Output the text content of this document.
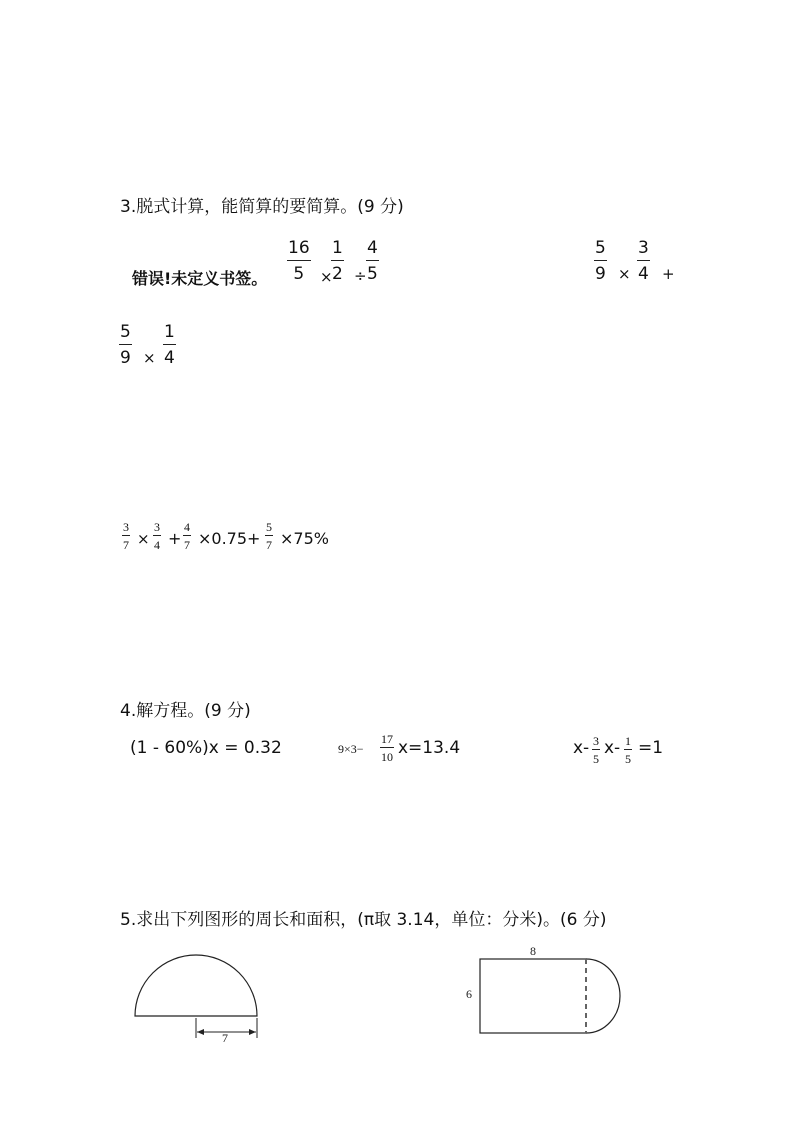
3.脱式计算，能简算的要简算。(9 分)
错误!未定义书签。 $\frac{16}{5}$ ×
$\frac{1}{2} \div \frac{4}{5}$	$\frac{5}{9} \times \frac{3}{4}$ +
$\frac{5}{9} \times \frac{1}{4}$
$\frac{3}{7} \times \frac{3}{4} + \frac{4}{7} \times 0.75+ \frac{5}{7} \times 75\%$
4.解方程。(9 分)
(1 - 60%)x = 0.32	$9\times 3- \frac{17}{10} x=13.4$	$x- \frac{3}{5} x- \frac{1}{5} =1$
5.求出下列图形的周长和面积，(π取 3.14，单位：分米)。(6 分)
7
8
6
